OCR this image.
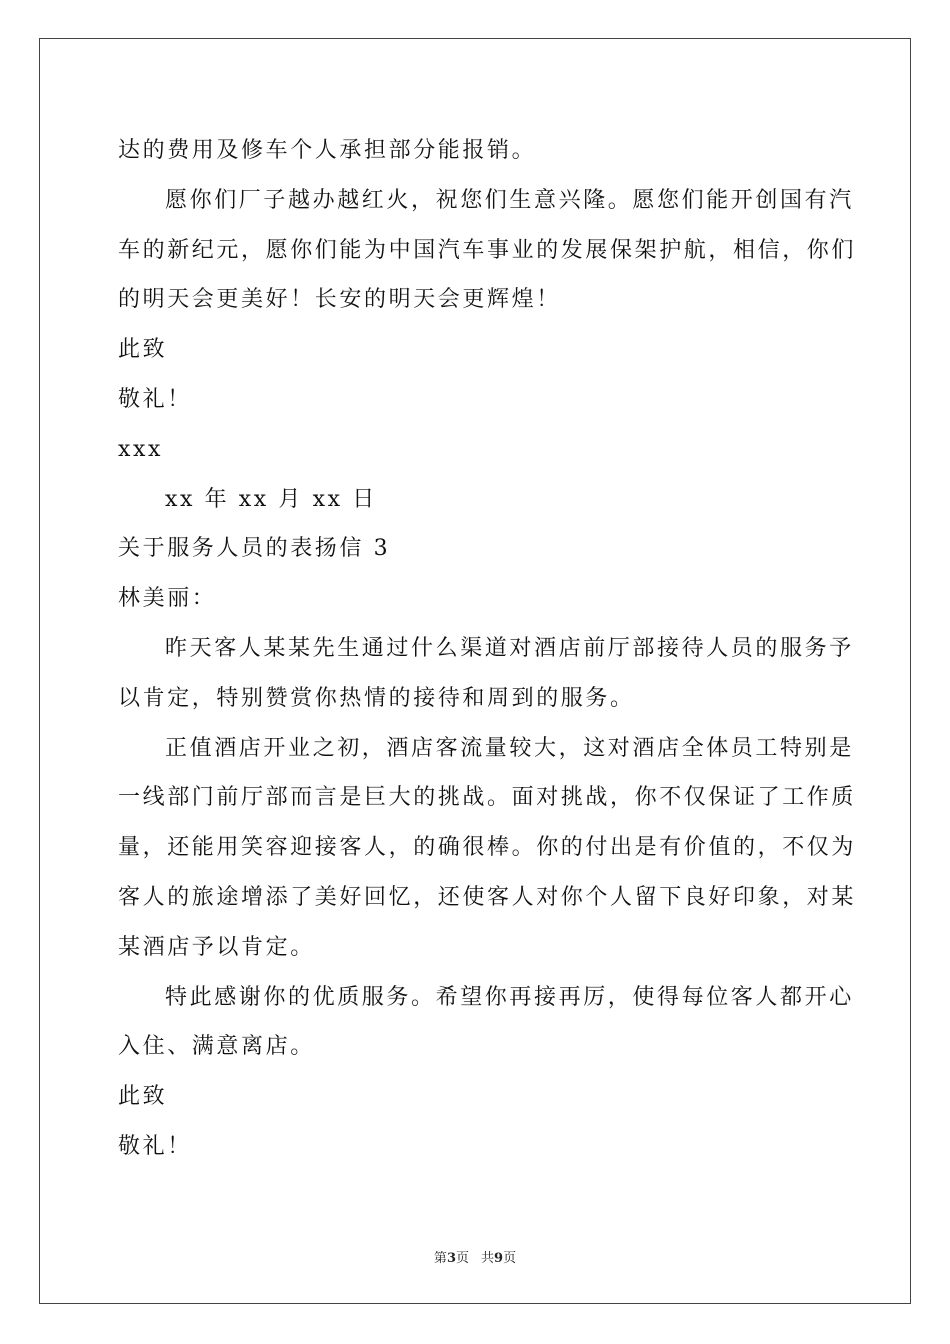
达的费用及修车个人承担部分能报销。
愿你们厂子越办越红火，祝您们生意兴隆。愿您们能开创国有汽
车的新纪元，愿你们能为中国汽车事业的发展保架护航，相信，你们
的明天会更美好！长安的明天会更辉煌！
此致
敬礼！
xxx
xx 年 xx 月 xx 日
关于服务人员的表扬信 3
林美丽：
昨天客人某某先生通过什么渠道对酒店前厅部接待人员的服务予
以肯定，特别赞赏你热情的接待和周到的服务。
正值酒店开业之初，酒店客流量较大，这对酒店全体员工特别是
一线部门前厅部而言是巨大的挑战。面对挑战，你不仅保证了工作质
量，还能用笑容迎接客人，的确很棒。你的付出是有价值的，不仅为
客人的旅途增添了美好回忆，还使客人对你个人留下良好印象，对某
某酒店予以肯定。
特此感谢你的优质服务。希望你再接再厉，使得每位客人都开心
入住、满意离店。
此致
敬礼！
第3页 共9页
